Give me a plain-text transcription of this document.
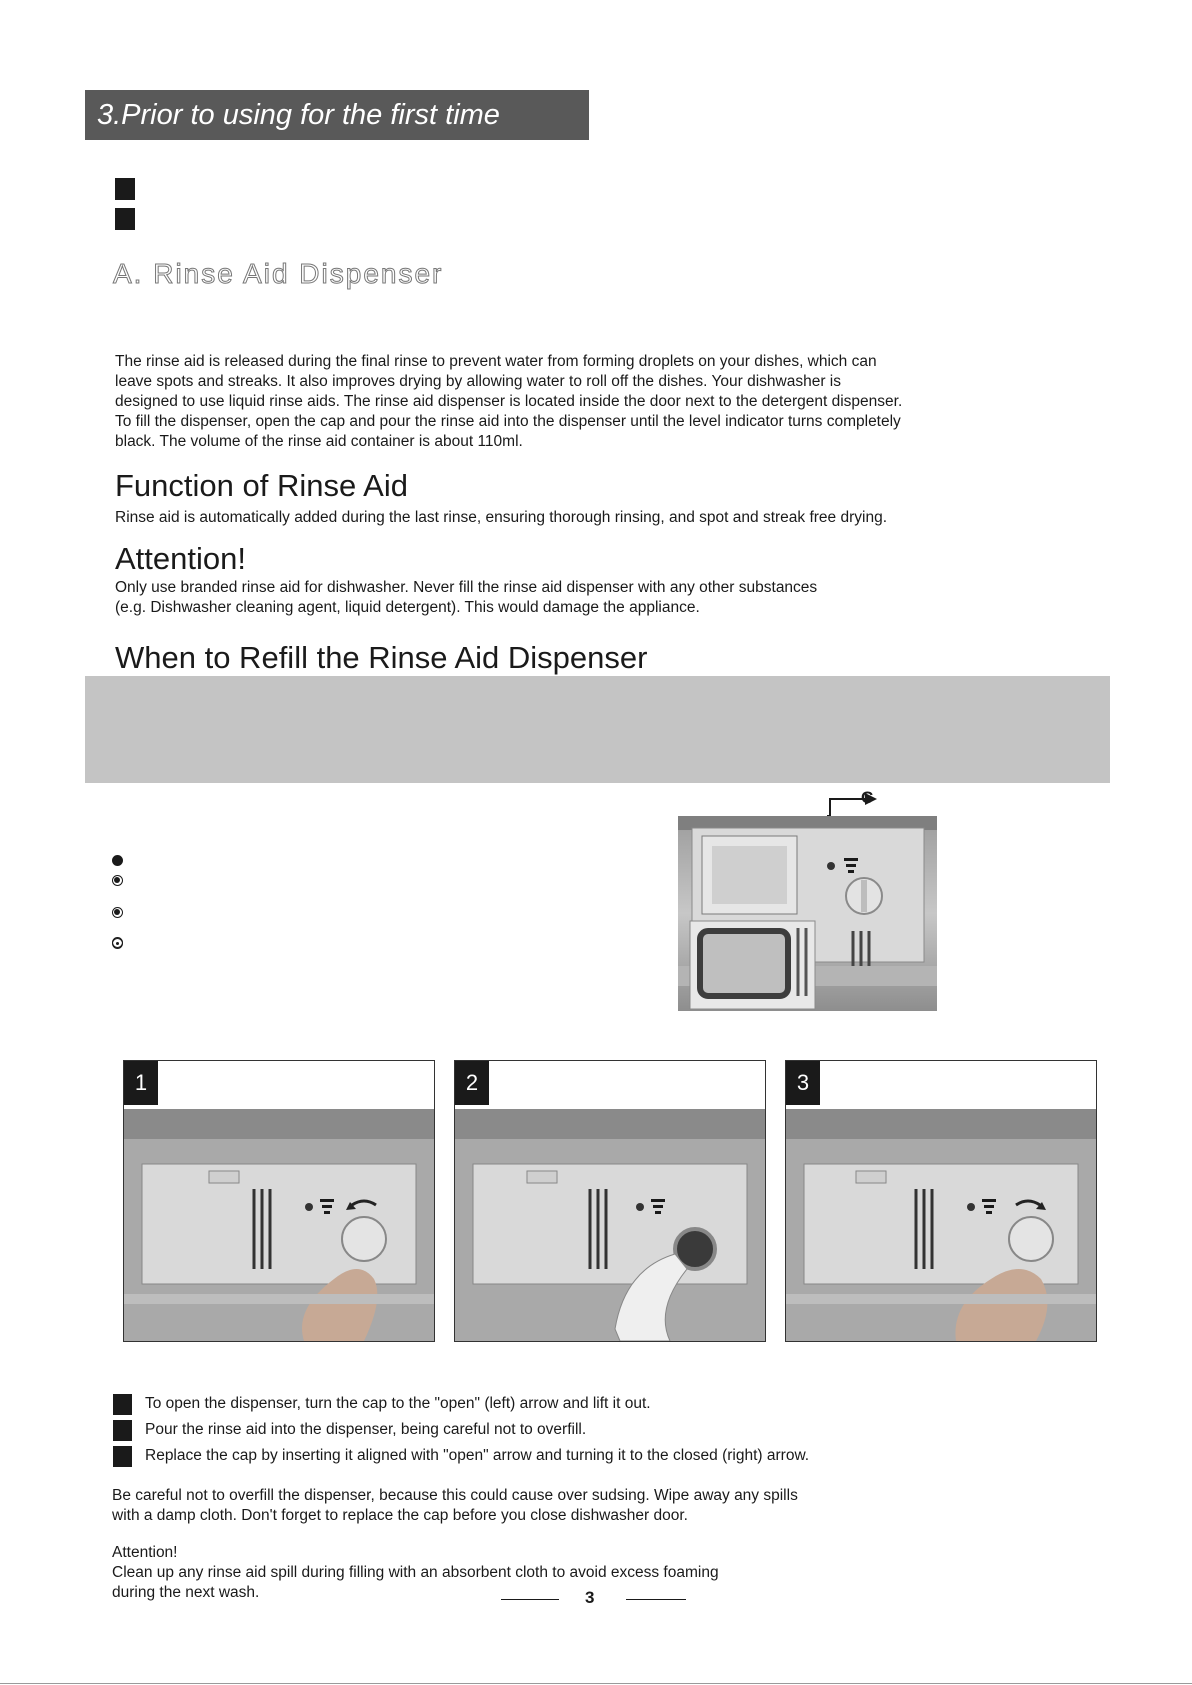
3.Prior to using for the first time
A. Rinse Aid Dispenser
The rinse aid is released during the final rinse to prevent water from forming droplets on your dishes, which can
leave spots and streaks. It also improves drying by allowing water to roll off the dishes. Your dishwasher is
designed to use liquid rinse aids. The rinse aid dispenser is located inside the door next to the detergent dispenser.
To fill the dispenser, open the cap and pour the rinse aid into the dispenser until the level indicator turns completely
black. The volume of the rinse aid container is about 110ml.
Function of Rinse Aid
Rinse aid is automatically added during the last rinse, ensuring thorough rinsing, and spot and streak free drying.
Attention!
Only use branded rinse aid for dishwasher. Never fill the rinse aid dispenser with any other substances
(e.g. Dishwasher cleaning agent, liquid detergent). This would damage the appliance.
When to Refill the Rinse Aid Dispenser
C
1	2	3
To open the dispenser, turn the cap to the "open" (left) arrow and lift it out.
Pour the rinse aid into the dispenser, being careful not to overfill.
Replace the cap by inserting it aligned with "open" arrow and turning it to the closed (right) arrow.
Be careful not to overfill the dispenser, because this could cause over sudsing. Wipe away any spills
with a damp cloth. Don't forget to replace the cap before you close dishwasher door.
Attention!
Clean up any rinse aid spill during filling with an absorbent cloth to avoid excess foaming
during the next wash.	3
